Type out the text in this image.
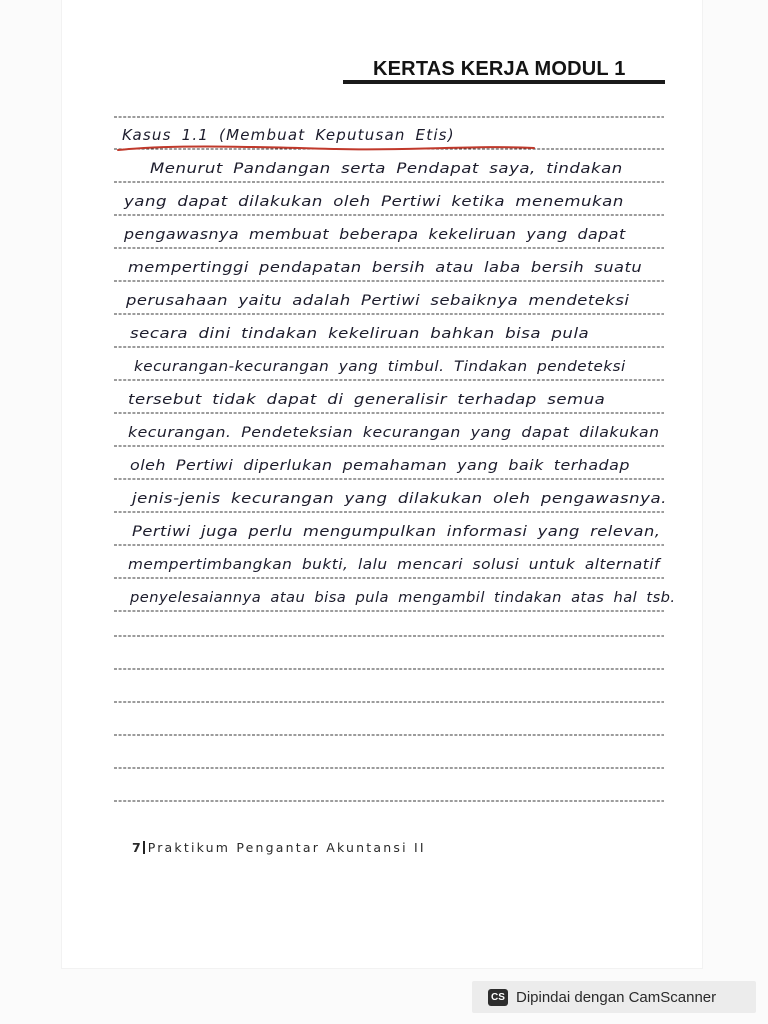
KERTAS KERJA MODUL 1
Kasus 1.1 (Membuat Keputusan Etis)
Menurut Pandangan serta Pendapat saya, tindakan
yang dapat dilakukan oleh Pertiwi ketika menemukan
pengawasnya membuat beberapa kekeliruan yang dapat
mempertinggi pendapatan bersih atau laba bersih suatu
perusahaan yaitu adalah Pertiwi sebaiknya mendeteksi
secara dini tindakan kekeliruan bahkan bisa pula
kecurangan-kecurangan yang timbul. Tindakan pendeteksi
tersebut tidak dapat di generalisir terhadap semua
kecurangan. Pendeteksian kecurangan yang dapat dilakukan
oleh Pertiwi diperlukan pemahaman yang baik terhadap
jenis-jenis kecurangan yang dilakukan oleh pengawasnya.
Pertiwi juga perlu mengumpulkan informasi yang relevan,
mempertimbangkan bukti, lalu mencari solusi untuk alternatif
penyelesaiannya atau bisa pula mengambil tindakan atas hal tsb.
7 Praktikum Pengantar Akuntansi II
CS Dipindai dengan CamScanner
